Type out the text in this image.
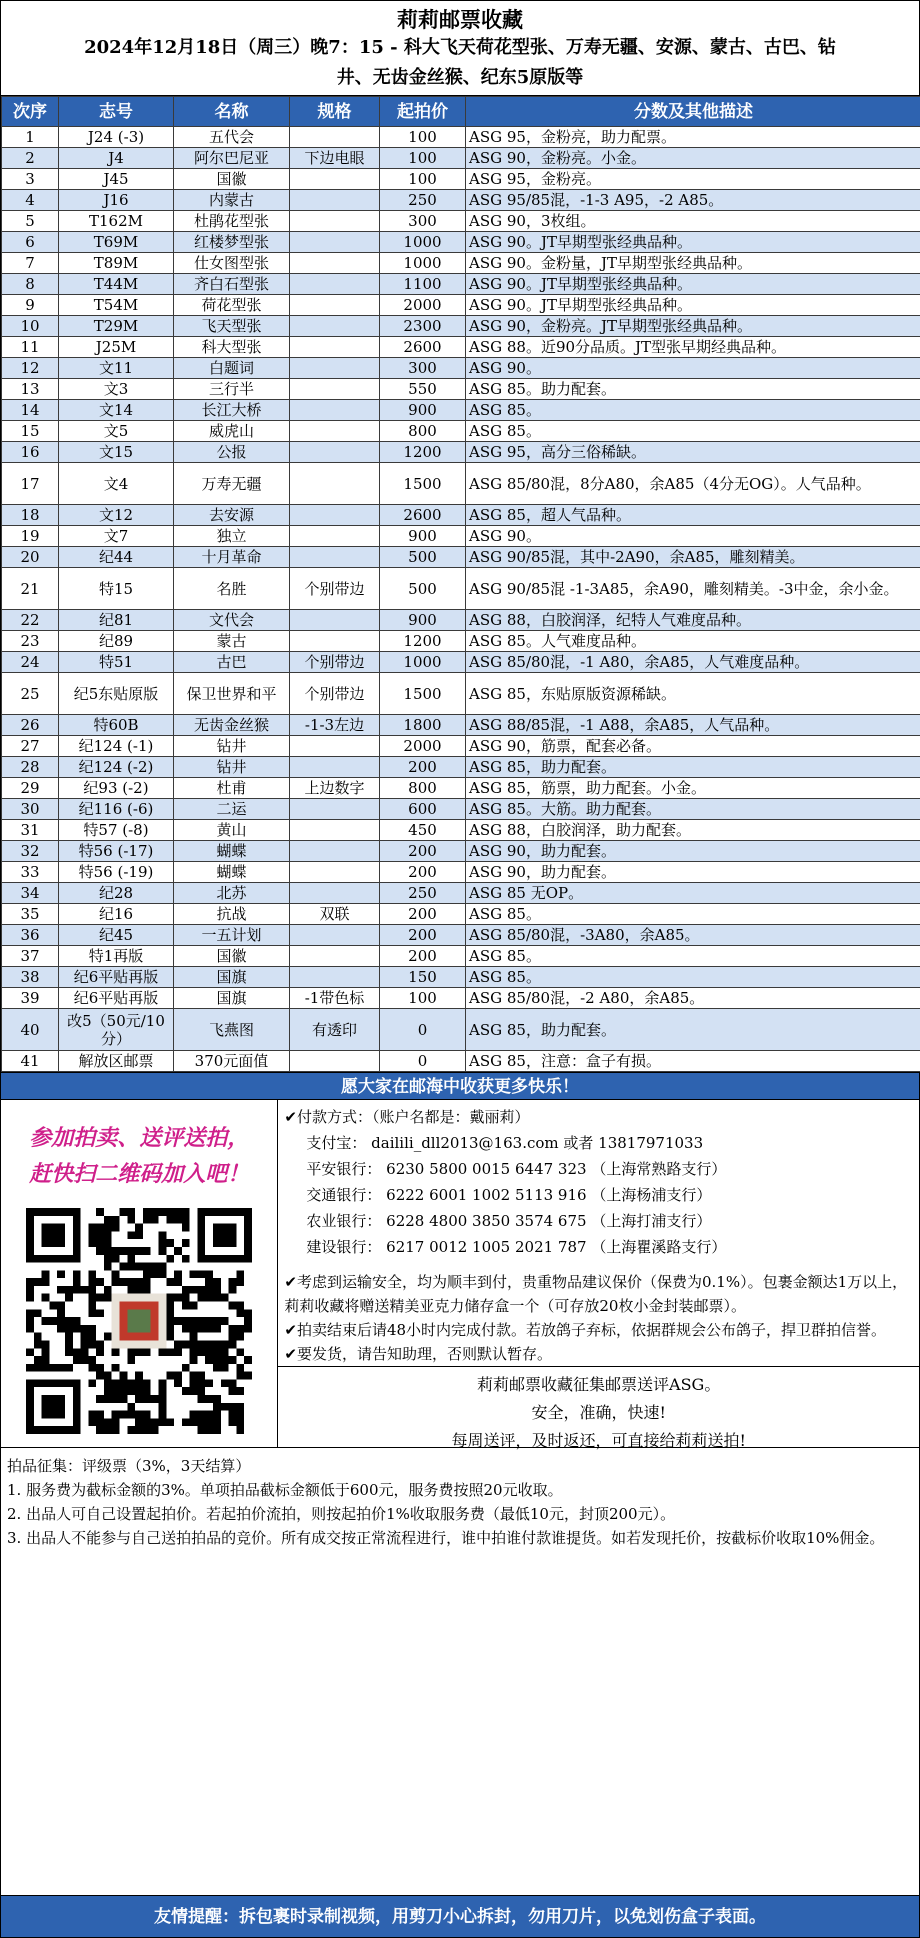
莉莉邮票收藏
2024年12月18日（周三）晚7：15 - 科大飞天荷花型张、万寿无疆、安源、蒙古、古巴、钻
井、无齿金丝猴、纪东5原版等
次序	志号	名称	规格	起拍价	分数及其他描述
1	J24 (-3)	五代会		100	ASG 95，金粉亮，助力配票。
2	J4	阿尔巴尼亚	下边电眼	100	ASG 90，金粉亮。小金。
3	J45	国徽		100	ASG 95，金粉亮。
4	J16	内蒙古		250	ASG 95/85混，-1-3 A95，-2 A85。
5	T162M	杜鹃花型张		300	ASG 90，3枚组。
6	T69M	红楼梦型张		1000	ASG 90。JT早期型张经典品种。
7	T89M	仕女图型张		1000	ASG 90。金粉量，JT早期型张经典品种。
8	T44M	齐白石型张		1100	ASG 90。JT早期型张经典品种。
9	T54M	荷花型张		2000	ASG 90。JT早期型张经典品种。
10	T29M	飞天型张		2300	ASG 90，金粉亮。JT早期型张经典品种。
11	J25M	科大型张		2600	ASG 88。近90分品质。JT型张早期经典品种。
12	文11	白题词		300	ASG 90。
13	文3	三行半		550	ASG 85。助力配套。
14	文14	长江大桥		900	ASG 85。
15	文5	威虎山		800	ASG 85。
16	文15	公报		1200	ASG 95，高分三俗稀缺。
17	文4	万寿无疆		1500	ASG 85/80混，8分A80，余A85（4分无OG）。人气品种。
18	文12	去安源		2600	ASG 85，超人气品种。
19	文7	独立		900	ASG 90。
20	纪44	十月革命		500	ASG 90/85混，其中-2A90，余A85，雕刻精美。
21	特15	名胜	个别带边	500	ASG 90/85混 -1-3A85，余A90，雕刻精美。-3中金，余小金。
22	纪81	文代会		900	ASG 88，白胶润泽，纪特人气难度品种。
23	纪89	蒙古		1200	ASG 85。人气难度品种。
24	特51	古巴	个别带边	1000	ASG 85/80混，-1 A80，余A85，人气难度品种。
25	纪5东贴原版	保卫世界和平	个别带边	1500	ASG 85，东贴原版资源稀缺。
26	特60B	无齿金丝猴	-1-3左边	1800	ASG 88/85混，-1 A88，余A85，人气品种。
27	纪124 (-1)	钻井		2000	ASG 90，筋票，配套必备。
28	纪124 (-2)	钻井		200	ASG 85，助力配套。
29	纪93 (-2)	杜甫	上边数字	800	ASG 85，筋票，助力配套。小金。
30	纪116 (-6)	二运		600	ASG 85。大筋。助力配套。
31	特57 (-8)	黄山		450	ASG 88，白胶润泽，助力配套。
32	特56 (-17)	蝴蝶		200	ASG 90，助力配套。
33	特56 (-19)	蝴蝶		200	ASG 90，助力配套。
34	纪28	北苏		250	ASG 85 无OP。
35	纪16	抗战	双联	200	ASG 85。
36	纪45	一五计划		200	ASG 85/80混，-3A80，余A85。
37	特1再版	国徽		200	ASG 85。
38	纪6平贴再版	国旗		150	ASG 85。
39	纪6平贴再版	国旗	-1带色标	100	ASG 85/80混，-2 A80，余A85。
40	改5（50元/10分）	飞燕图	有透印	0	ASG 85，助力配套。
41	解放区邮票	370元面值		0	ASG 85，注意：盒子有损。
愿大家在邮海中收获更多快乐！
参加拍卖、送评送拍，
赶快扫二维码加入吧！
✔付款方式：（账户名都是：戴丽莉）
支付宝： dailili_dll2013@163.com 或者 13817971033
平安银行： 6230 5800 0015 6447 323 （上海常熟路支行）
交通银行： 6222 6001 1002 5113 916 （上海杨浦支行）
农业银行： 6228 4800 3850 3574 675 （上海打浦支行）
建设银行： 6217 0012 1005 2021 787 （上海瞿溪路支行）
✔考虑到运输安全，均为顺丰到付，贵重物品建议保价（保费为0.1%）。包裹金额达1万以上，莉莉收藏将赠送精美亚克力储存盒一个（可存放20枚小金封装邮票）。
✔拍卖结束后请48小时内完成付款。若放鸽子弃标，依据群规会公布鸽子，捍卫群拍信誉。
✔要发货，请告知助理，否则默认暂存。
莉莉邮票收藏征集邮票送评ASG。
安全，准确，快速!
每周送评，及时返还，可直接给莉莉送拍!
拍品征集：评级票（3%，3天结算）
1. 服务费为截标金额的3%。单项拍品截标金额低于600元，服务费按照20元收取。
2. 出品人可自己设置起拍价。若起拍价流拍，则按起拍价1%收取服务费（最低10元，封顶200元）。
3. 出品人不能参与自己送拍拍品的竞价。所有成交按正常流程进行，谁中拍谁付款谁提货。如若发现托价，按截标价收取10%佣金。
友情提醒：拆包裹时录制视频，用剪刀小心拆封，勿用刀片，以免划伤盒子表面。
